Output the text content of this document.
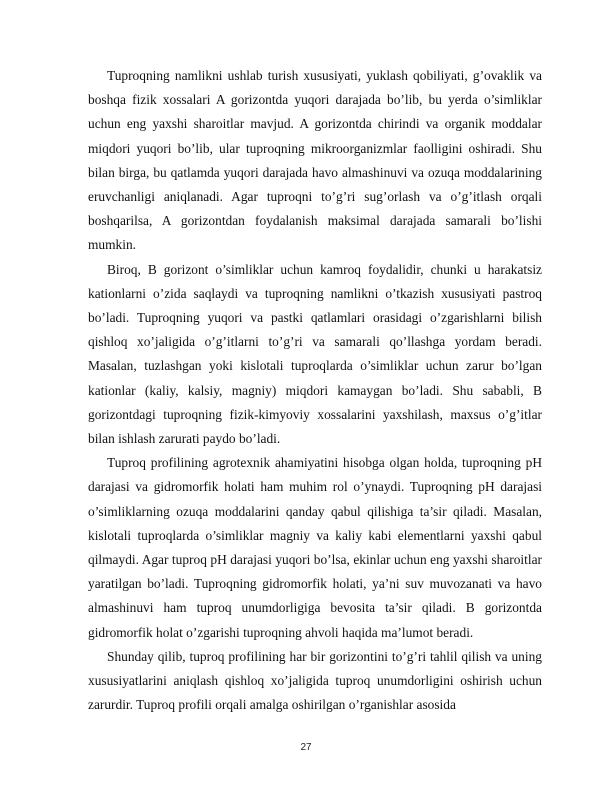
Tuproqning namlikni ushlab turish xususiyati, yuklash qobiliyati, g’ovaklik va boshqa fizik xossalari A gorizontda yuqori darajada bo’lib, bu yerda o’simliklar uchun eng yaxshi sharoitlar mavjud. A gorizontda chirindi va organik moddalar miqdori yuqori bo’lib, ular tuproqning mikroorganizmlar faolligini oshiradi. Shu bilan birga, bu qatlamda yuqori darajada havo almashinuvi va ozuqa moddalarining eruvchanligi aniqlanadi. Agar tuproqni to’g’ri sug’orlash va o’g’itlash orqali boshqarilsa, A gorizontdan foydalanish maksimal darajada samarali bo’lishi mumkin.

Biroq, B gorizont o’simliklar uchun kamroq foydalidir, chunki u harakatsiz kationlarni o’zida saqlaydi va tuproqning namlikni o’tkazish xususiyati pastroq bo’ladi. Tuproqning yuqori va pastki qatlamlari orasidagi o’zgarishlarni bilish qishloq xo’jaligida o’g’itlarni to’g’ri va samarali qo’llashga yordam beradi. Masalan, tuzlashgan yoki kislotali tuproqlarda o’simliklar uchun zarur bo’lgan kationlar (kaliy, kalsiy, magniy) miqdori kamaygan bo’ladi. Shu sababli, B gorizontdagi tuproqning fizik-kimyoviy xossalarini yaxshilash, maxsus o’g’itlar bilan ishlash zarurati paydo bo’ladi.

Tuproq profilining agrotexnik ahamiyatini hisobga olgan holda, tuproqning pH darajasi va gidromorfik holati ham muhim rol o’ynaydi. Tuproqning pH darajasi o’simliklarning ozuqa moddalarini qanday qabul qilishiga ta’sir qiladi. Masalan, kislotali tuproqlarda o’simliklar magniy va kaliy kabi elementlarni yaxshi qabul qilmaydi. Agar tuproq pH darajasi yuqori bo’lsa, ekinlar uchun eng yaxshi sharoitlar yaratilgan bo’ladi. Tuproqning gidromorfik holati, ya’ni suv muvozanati va havo almashinuvi ham tuproq unumdorligiga bevosita ta’sir qiladi. B gorizontda gidromorfik holat o’zgarishi tuproqning ahvoli haqida ma’lumot beradi.

Shunday qilib, tuproq profilining har bir gorizontini to’g’ri tahlil qilish va uning xususiyatlarini aniqlash qishloq xo’jaligida tuproq unumdorligini oshirish uchun zarurdir. Tuproq profili orqali amalga oshirilgan o’rganishlar asosida

27
